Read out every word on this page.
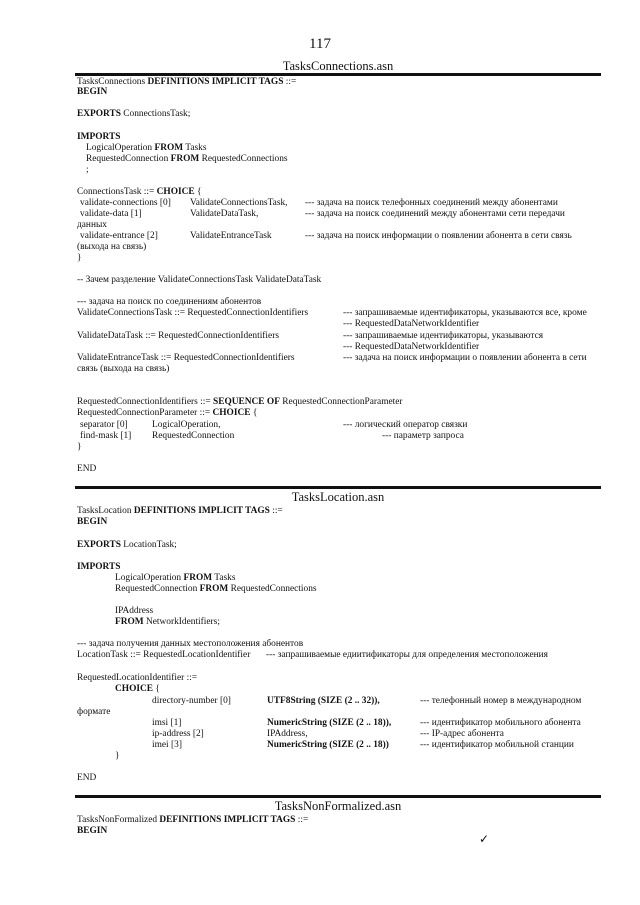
117
TasksConnections.asn
TasksConnections DEFINITIONS IMPLICIT TAGS ::=
BEGIN
EXPORTS ConnectionsTask;
IMPORTS
LogicalOperation FROM Tasks
RequestedConnection FROM RequestedConnections
;
ConnectionsTask ::= CHOICE {
validate-connections [0] ValidateConnectionsTask, --- задача на поиск телефонных соединений между абонентами
validate-data [1]	ValidateDataTask,	--- задача на поиск соединений между абонентами сети передачи
данных
validate-entrance [2]	ValidateEntranceTask	--- задача на поиск информации о появлении абонента в сети связь
(выхода на связь)
}
-- Зачем разделение ValidateConnectionsTask ValidateDataTask
--- задача на поиск по соединениям абонентов
ValidateConnectionsTask ::= RequestedConnectionIdentifiers	--- запрашиваемые идентификаторы, указываются все, кроме
--- RequestedDataNetworkIdentifier
ValidateDataTask ::= RequestedConnectionIdentifiers	--- запрашиваемые идентификаторы, указываются
--- RequestedDataNetworkIdentifier
ValidateEntranceTask ::= RequestedConnectionIdentifiers	--- задача на поиск информации о появлении абонента в сети
связь (выхода на связь)
RequestedConnectionIdentifiers ::= SEQUENCE OF RequestedConnectionParameter
RequestedConnectionParameter ::= CHOICE {
separator [0]	LogicalOperation,	--- логический оператор связки
find-mask [1] RequestedConnection	--- параметр запроса
}
END
TasksLocation.asn
TasksLocation DEFINITIONS IMPLICIT TAGS ::=
BEGIN
EXPORTS LocationTask;
IMPORTS
LogicalOperation FROM Tasks
RequestedConnection FROM RequestedConnections
IPAddress
FROM NetworkIdentifiers;
--- задача получения данных местоположения абонентов
LocationTask ::= RequestedLocationIdentifier --- запрашиваемые едиитификаторы для определения местоположения
RequestedLocationIdentifier ::=
CHOICE {
directory-number [0]	UTF8String (SIZE (2 .. 32)),	--- телефонный номер в международном
формате
imsi [1]	NumericString (SIZE (2 .. 18)),	--- идентификатор мобильного абонента
ip-address [2]	IPAddress,	--- IP-адрес абонента
imei [3]	NumericString (SIZE (2 .. 18))	--- идентификатор мобильной станции
}
END
TasksNonFormalized.asn
TasksNonFormalized DEFINITIONS IMPLICIT TAGS ::=
BEGIN
✓
